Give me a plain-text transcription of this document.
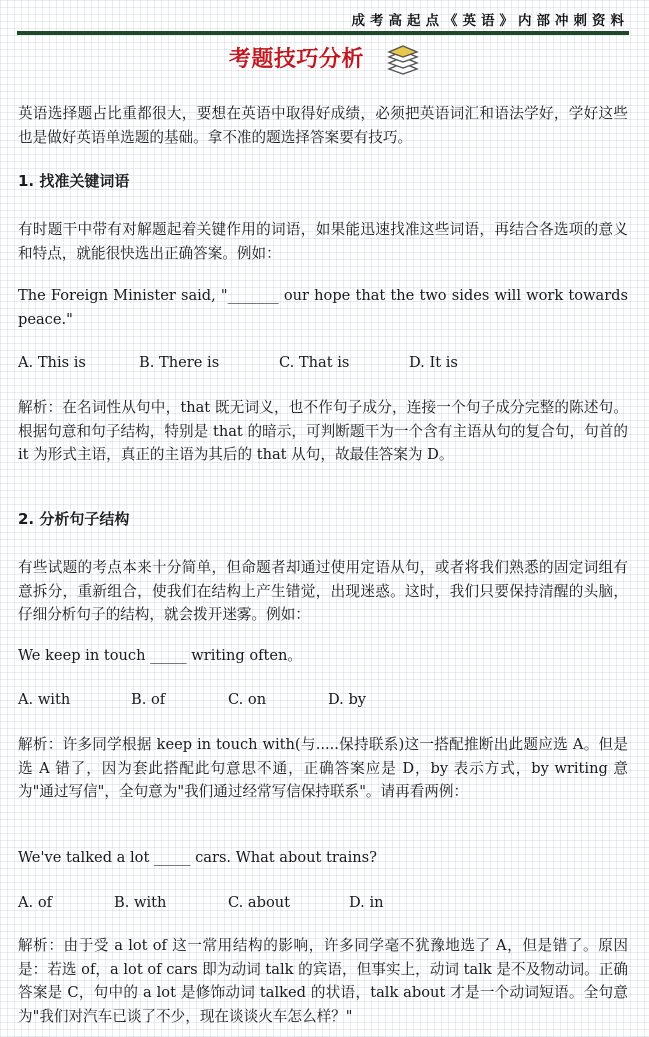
成考高起点《英语》内部冲刺资料
考题技巧分析

英语选择题占比重都很大，要想在英语中取得好成绩，必须把英语词汇和语法学好，学好这些也是做好英语单选题的基础。拿不准的题选择答案要有技巧。

1. 找准关键词语

有时题干中带有对解题起着关键作用的词语，如果能迅速找准这些词语，再结合各选项的意义和特点，就能很快选出正确答案。例如：

The Foreign Minister said, "_______ our hope that the two sides will work towards peace."

A. This is	B. There is	C. That is	D. It is

解析：在名词性从句中，that 既无词义，也不作句子成分，连接一个句子成分完整的陈述句。根据句意和句子结构，特别是 that 的暗示，可判断题干为一个含有主语从句的复合句，句首的 it 为形式主语，真正的主语为其后的 that 从句，故最佳答案为 D。

2. 分析句子结构

有些试题的考点本来十分简单，但命题者却通过使用定语从句，或者将我们熟悉的固定词组有意拆分，重新组合，使我们在结构上产生错觉，出现迷惑。这时，我们只要保持清醒的头脑，仔细分析句子的结构，就会拨开迷雾。例如：

We keep in touch _____ writing often。

A. with	B. of	C. on	D. by

解析：许多同学根据 keep in touch with(与.....保持联系)这一搭配推断出此题应选 A。但是选 A 错了，因为套此搭配此句意思不通，正确答案应是 D，by 表示方式，by writing 意为"通过写信"，全句意为"我们通过经常写信保持联系"。请再看两例：

We've talked a lot _____ cars. What about trains?

A. of	B. with	C. about	D. in

解析：由于受 a lot of 这一常用结构的影响，许多同学毫不犹豫地选了 A，但是错了。原因是：若选 of，a lot of cars 即为动词 talk 的宾语，但事实上，动词 talk 是不及物动词。正确答案是 C，句中的 a lot 是修饰动词 talked 的状语，talk about 才是一个动词短语。全句意为"我们对汽车已谈了不少，现在谈谈火车怎么样？"
